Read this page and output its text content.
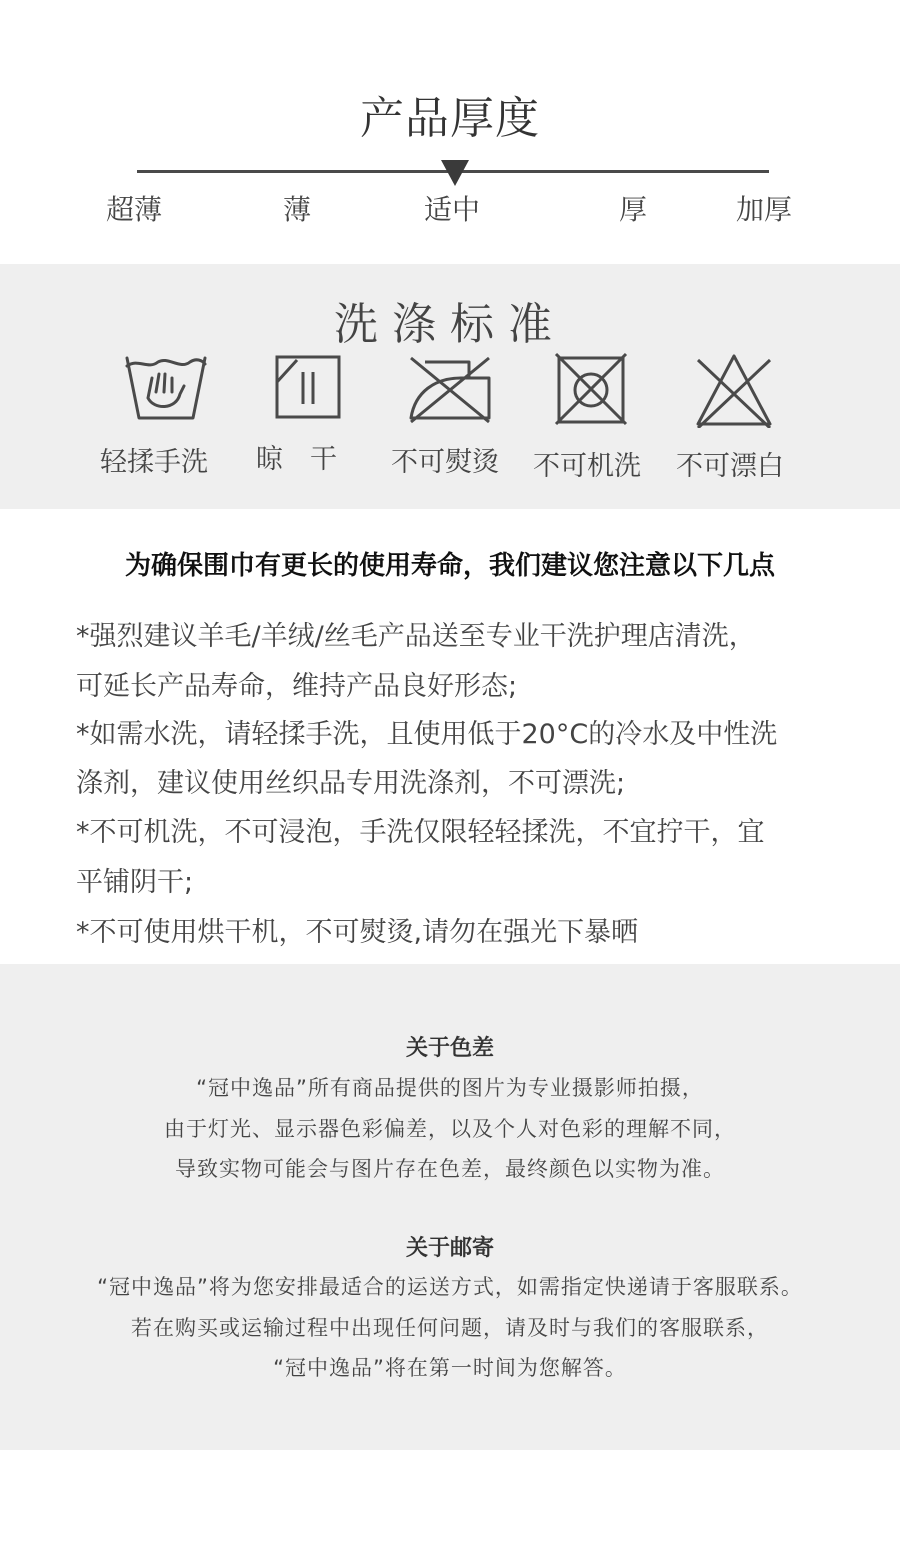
产品厚度
超薄	薄	适中	厚	加厚
洗涤标准
轻揉手洗 晾　干 不可熨烫 不可机洗 不可漂白
为确保围巾有更长的使用寿命，我们建议您注意以下几点
*强烈建议羊毛/羊绒/丝毛产品送至专业干洗护理店清洗，
可延长产品寿命，维持产品良好形态;
*如需水洗，请轻揉手洗，且使用低于20°C的冷水及中性洗
涤剂，建议使用丝织品专用洗涤剂，不可漂洗;
*不可机洗，不可浸泡，手洗仅限轻轻揉洗，不宜拧干，宜
平铺阴干;
*不可使用烘干机，不可熨烫,请勿在强光下暴晒
关于色差
“冠中逸品”所有商品提供的图片为专业摄影师拍摄，
由于灯光、显示器色彩偏差，以及个人对色彩的理解不同，
导致实物可能会与图片存在色差，最终颜色以实物为准。
关于邮寄
“冠中逸品”将为您安排最适合的运送方式，如需指定快递请于客服联系。
若在购买或运输过程中出现任何问题，请及时与我们的客服联系，
“冠中逸品”将在第一时间为您解答。
